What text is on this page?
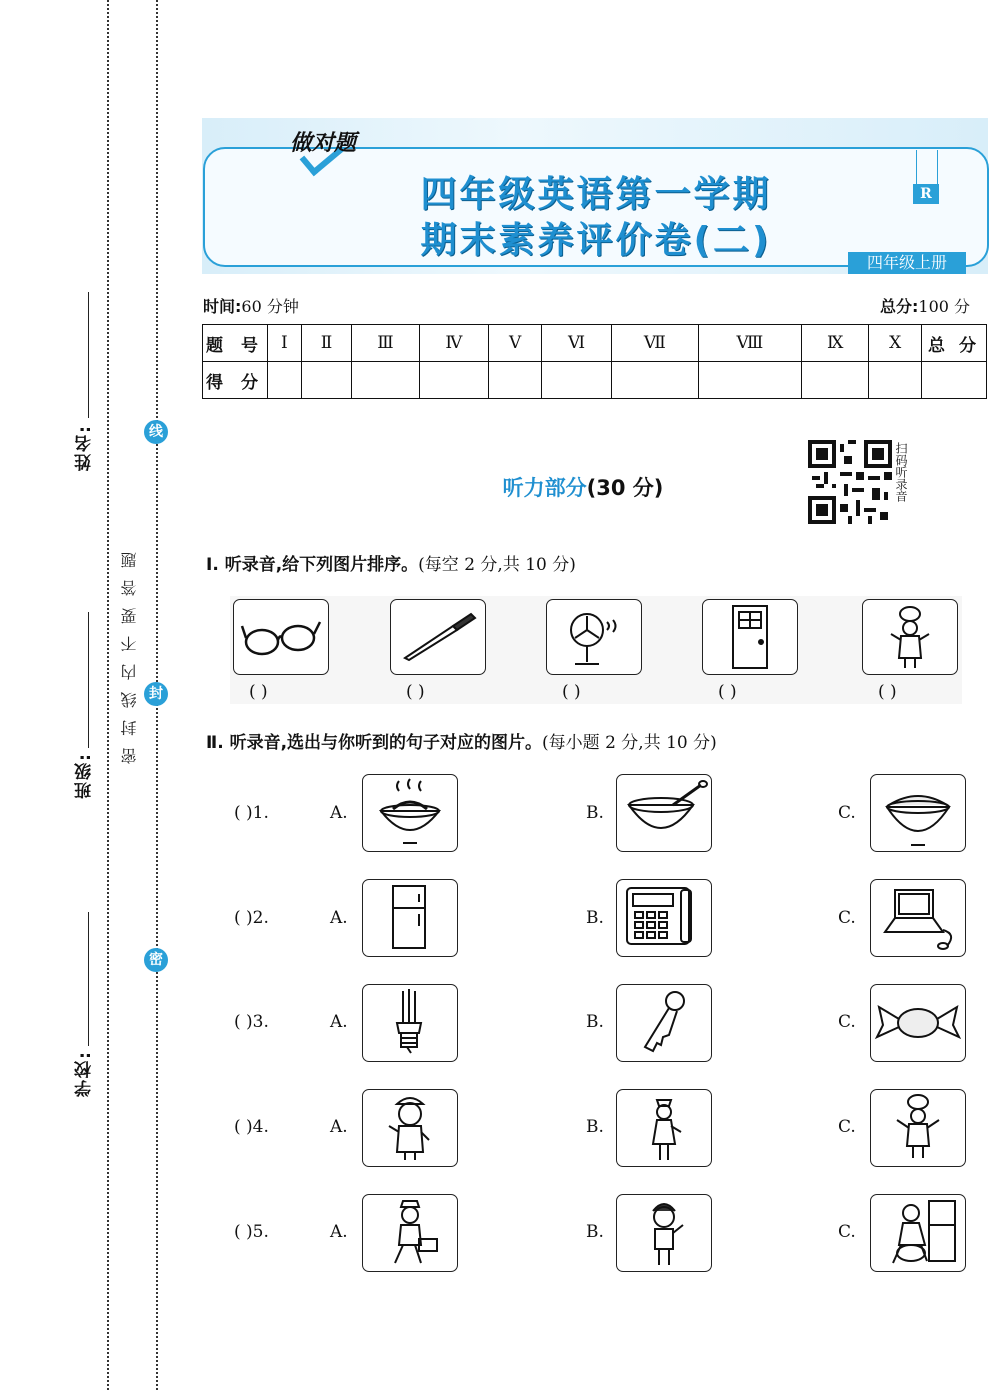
姓名:
班级:
学校:
线
封
密
密封线内不要答题
做对题
四年级英语第一学期
期末素养评价卷(二)
R
四年级上册
时间:60 分钟	总分:100 分
题 号	Ⅰ	Ⅱ	Ⅲ	Ⅳ	Ⅴ	Ⅵ	Ⅶ	Ⅷ	Ⅸ	Ⅹ	总 分
得 分											
听力部分(30 分)	扫码听录音
Ⅰ. 听录音,给下列图片排序。(每空 2 分,共 10 分)
( )	( )	( )	( )	( )
Ⅱ. 听录音,选出与你听到的句子对应的图片。(每小题 2 分,共 10 分)
( )1.	A.	B.	C.
( )2.	A.	B.	C.
( )3.	A.	B.	C.
( )4.	A.	B.	C.
( )5.	A.	B.	C.
